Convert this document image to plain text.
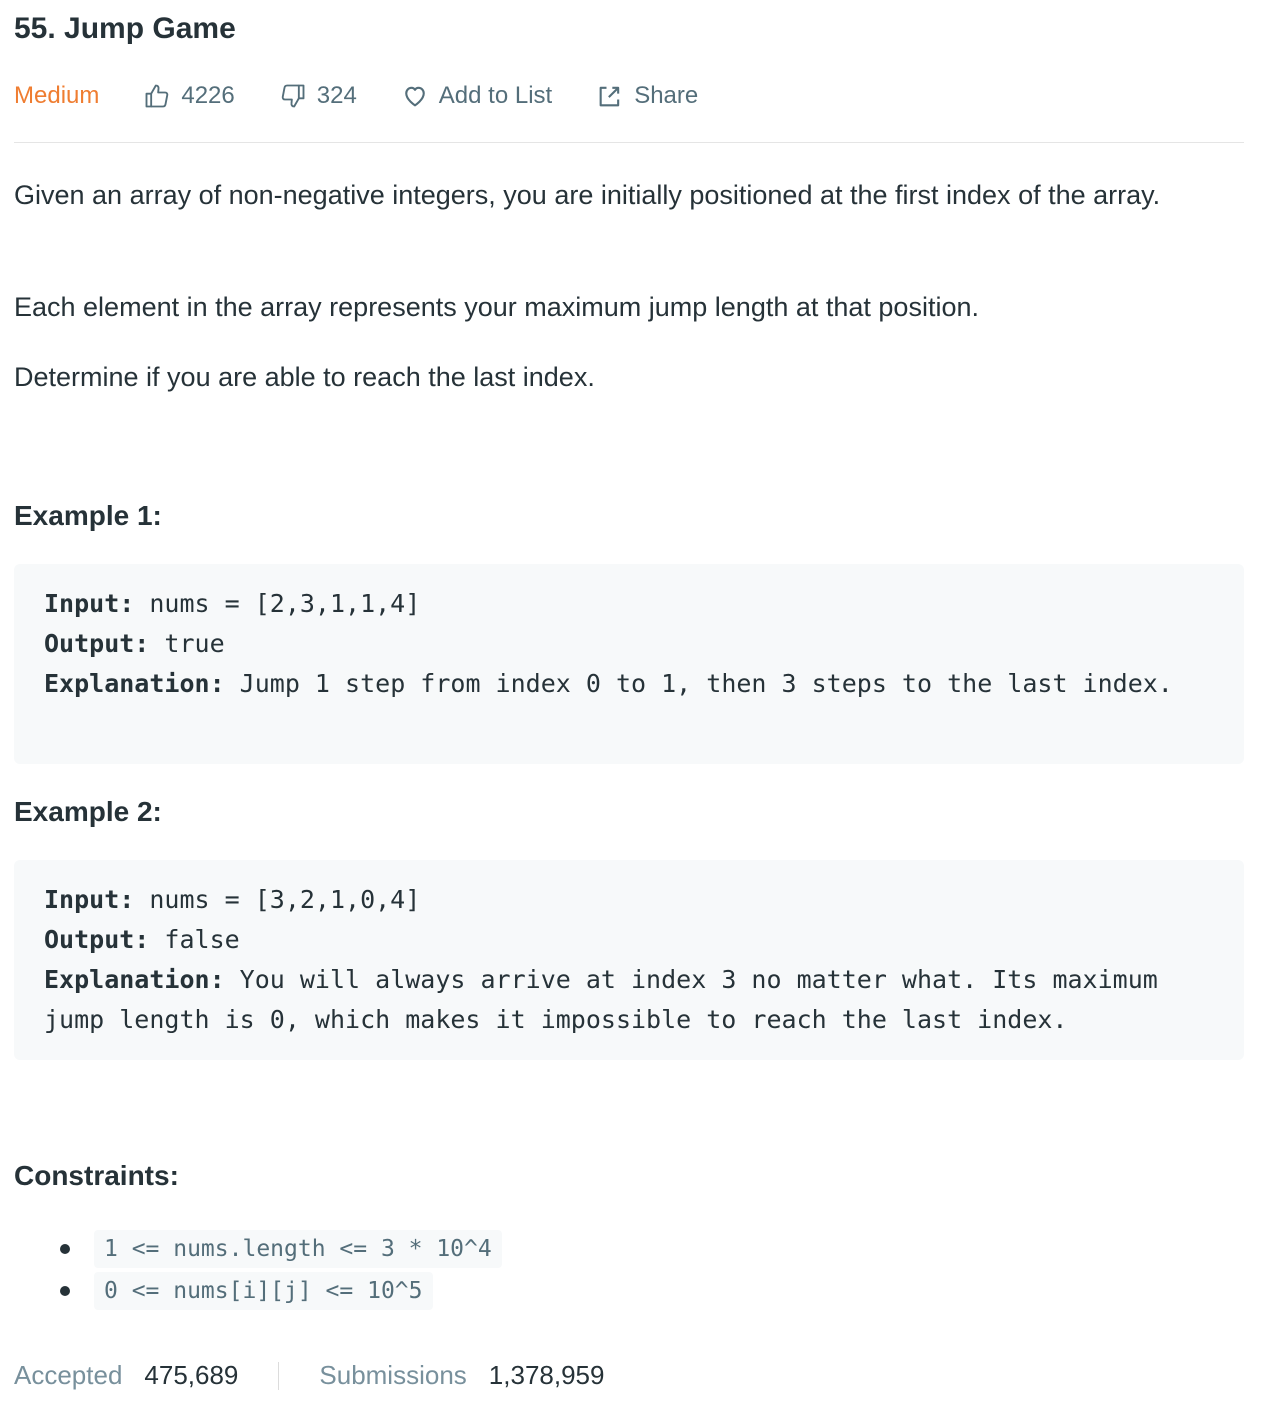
55. Jump Game
Medium	4226	324	Add to List	Share

Given an array of non-negative integers, you are initially positioned at the first index of the array.

Each element in the array represents your maximum jump length at that position.

Determine if you are able to reach the last index.

Example 1:
Input: nums = [2,3,1,1,4]
Output: true
Explanation: Jump 1 step from index 0 to 1, then 3 steps to the last index.
Example 2:
Input: nums = [3,2,1,0,4]
Output: false
Explanation: You will always arrive at index 3 no matter what. Its maximum jump length is 0, which makes it impossible to reach the last index.
Constraints:
1 <= nums.length <= 3 * 10^4
0 <= nums[i][j] <= 10^5
Accepted 475,689	Submissions 1,378,959
